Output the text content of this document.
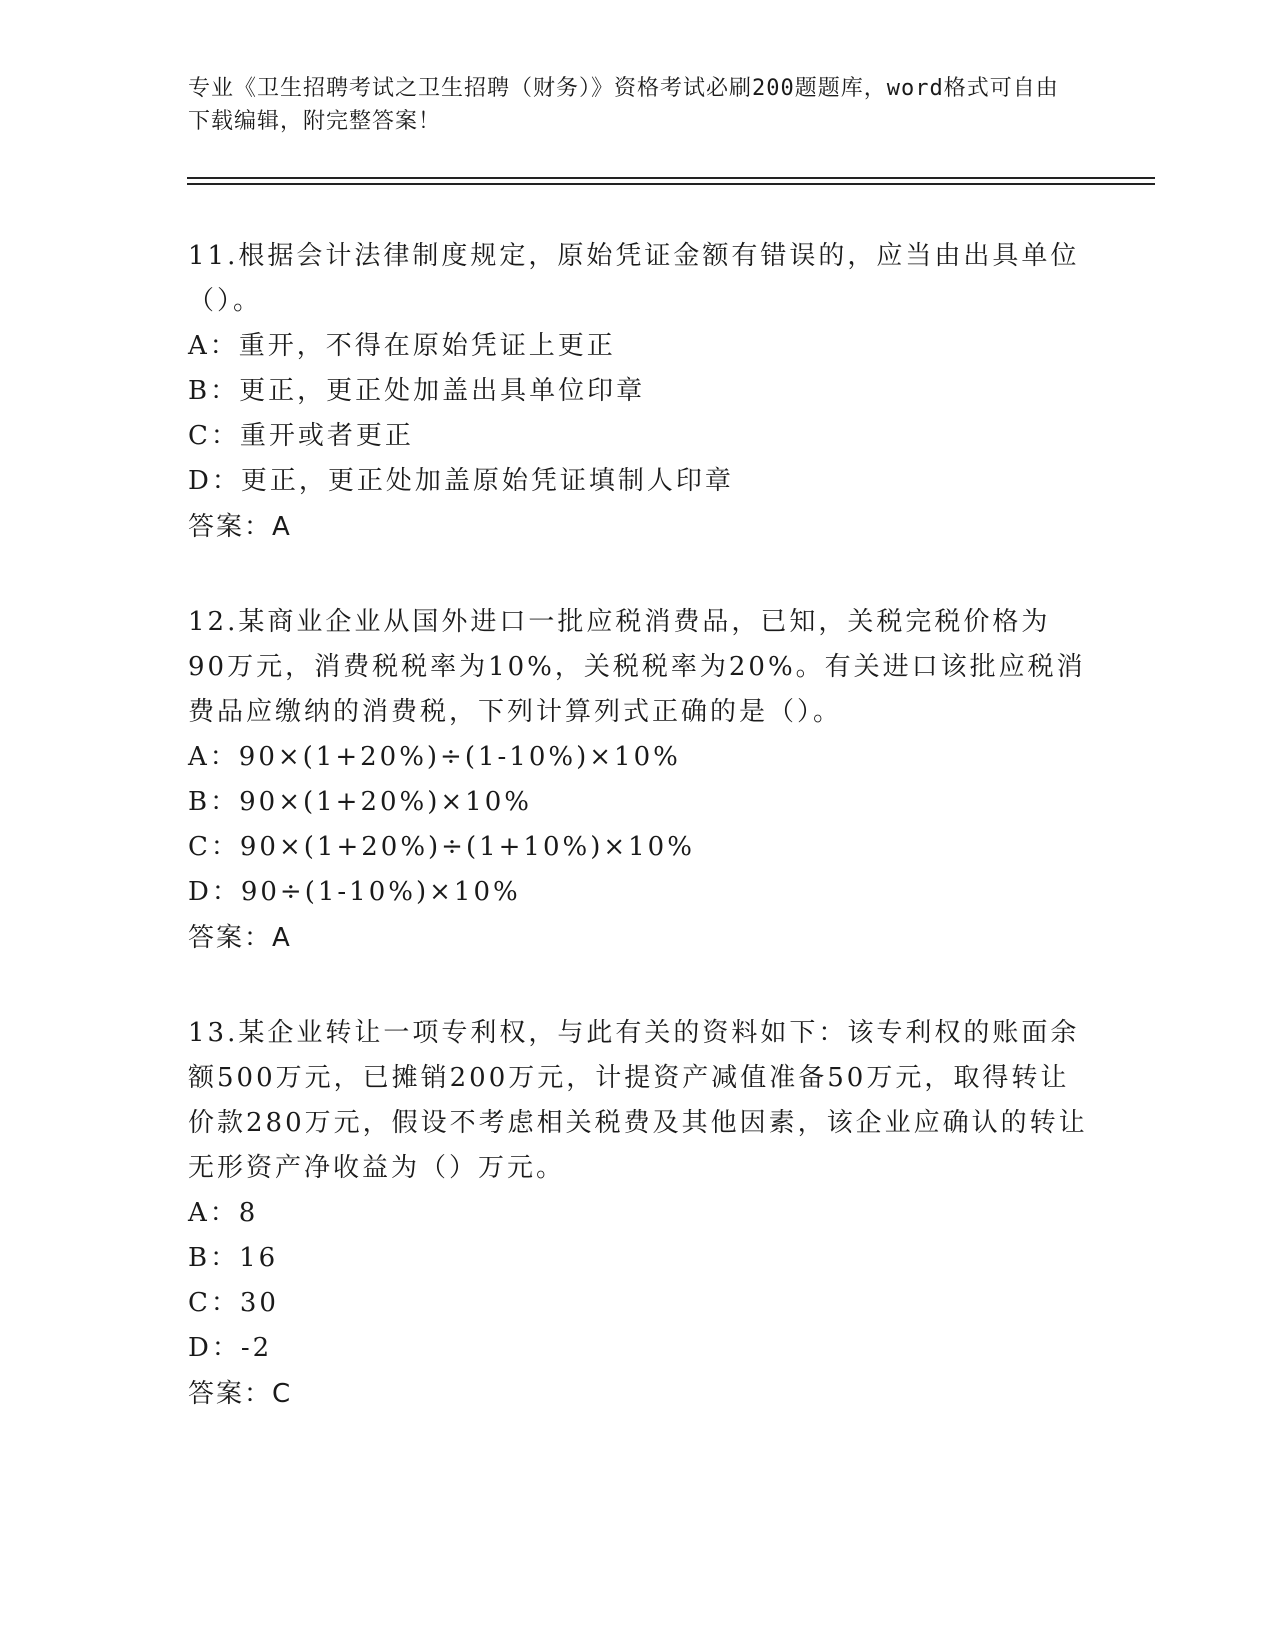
专业《卫生招聘考试之卫生招聘（财务）》资格考试必刷200题题库，word格式可自由下载编辑，附完整答案！

11.根据会计法律制度规定，原始凭证金额有错误的，应当由出具单位（）。

A：重开，不得在原始凭证上更正

B：更正，更正处加盖出具单位印章

C：重开或者更正

D：更正，更正处加盖原始凭证填制人印章

答案：A

12.某商业企业从国外进口一批应税消费品，已知，关税完税价格为90万元，消费税税率为10%，关税税率为20%。有关进口该批应税消费品应缴纳的消费税，下列计算列式正确的是（）。

A：90×(1+20%)÷(1-10%)×10%

B：90×(1+20%)×10%

C：90×(1+20%)÷(1+10%)×10%

D：90÷(1-10%)×10%

答案：A

13.某企业转让一项专利权，与此有关的资料如下：该专利权的账面余额500万元，已摊销200万元，计提资产减值准备50万元，取得转让价款280万元，假设不考虑相关税费及其他因素，该企业应确认的转让无形资产净收益为（）万元。

A：8

B：16

C：30

D：-2

答案：C
